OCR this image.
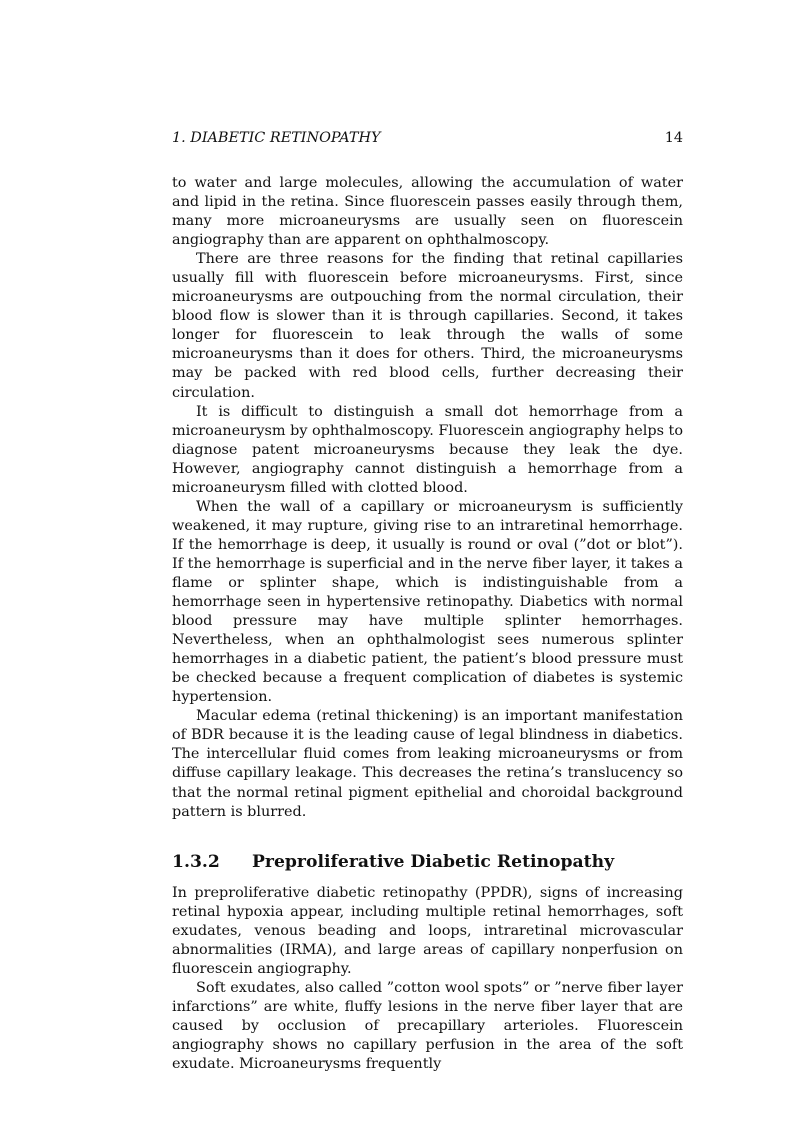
1. DIABETIC RETINOPATHY	14

to water and large molecules, allowing the accumulation of water and lipid in the retina. Since fluorescein passes easily through them, many more microaneurysms are usually seen on fluorescein angiography than are apparent on ophthalmoscopy.

There are three reasons for the finding that retinal capillaries usually fill with fluorescein before microaneurysms. First, since microaneurysms are outpouching from the normal circulation, their blood flow is slower than it is through capillaries. Second, it takes longer for fluorescein to leak through the walls of some microaneurysms than it does for others. Third, the microaneurysms may be packed with red blood cells, further decreasing their circulation.

It is difficult to distinguish a small dot hemorrhage from a microaneurysm by ophthalmoscopy. Fluorescein angiography helps to diagnose patent microaneurysms because they leak the dye. However, angiography cannot distinguish a hemorrhage from a microaneurysm filled with clotted blood.

When the wall of a capillary or microaneurysm is sufficiently weakened, it may rupture, giving rise to an intraretinal hemorrhage. If the hemorrhage is deep, it usually is round or oval (”dot or blot”). If the hemorrhage is superficial and in the nerve fiber layer, it takes a flame or splinter shape, which is indistinguishable from a hemorrhage seen in hypertensive retinopathy. Diabetics with normal blood pressure may have multiple splinter hemorrhages. Nevertheless, when an ophthalmologist sees numerous splinter hemorrhages in a diabetic patient, the patient’s blood pressure must be checked because a frequent complication of diabetes is systemic hypertension.

Macular edema (retinal thickening) is an important manifestation of BDR because it is the leading cause of legal blindness in diabetics. The intercellular fluid comes from leaking microaneurysms or from diffuse capillary leakage. This decreases the retina’s translucency so that the normal retinal pigment epithelial and choroidal background pattern is blurred.

1.3.2	Preproliferative Diabetic Retinopathy

In preproliferative diabetic retinopathy (PPDR), signs of increasing retinal hypoxia appear, including multiple retinal hemorrhages, soft exudates, venous beading and loops, intraretinal microvascular abnormalities (IRMA), and large areas of capillary nonperfusion on fluorescein angiography.

Soft exudates, also called ”cotton wool spots” or ”nerve fiber layer infarctions” are white, fluffy lesions in the nerve fiber layer that are caused by occlusion of precapillary arterioles. Fluorescein angiography shows no capillary perfusion in the area of the soft exudate. Microaneurysms frequently
